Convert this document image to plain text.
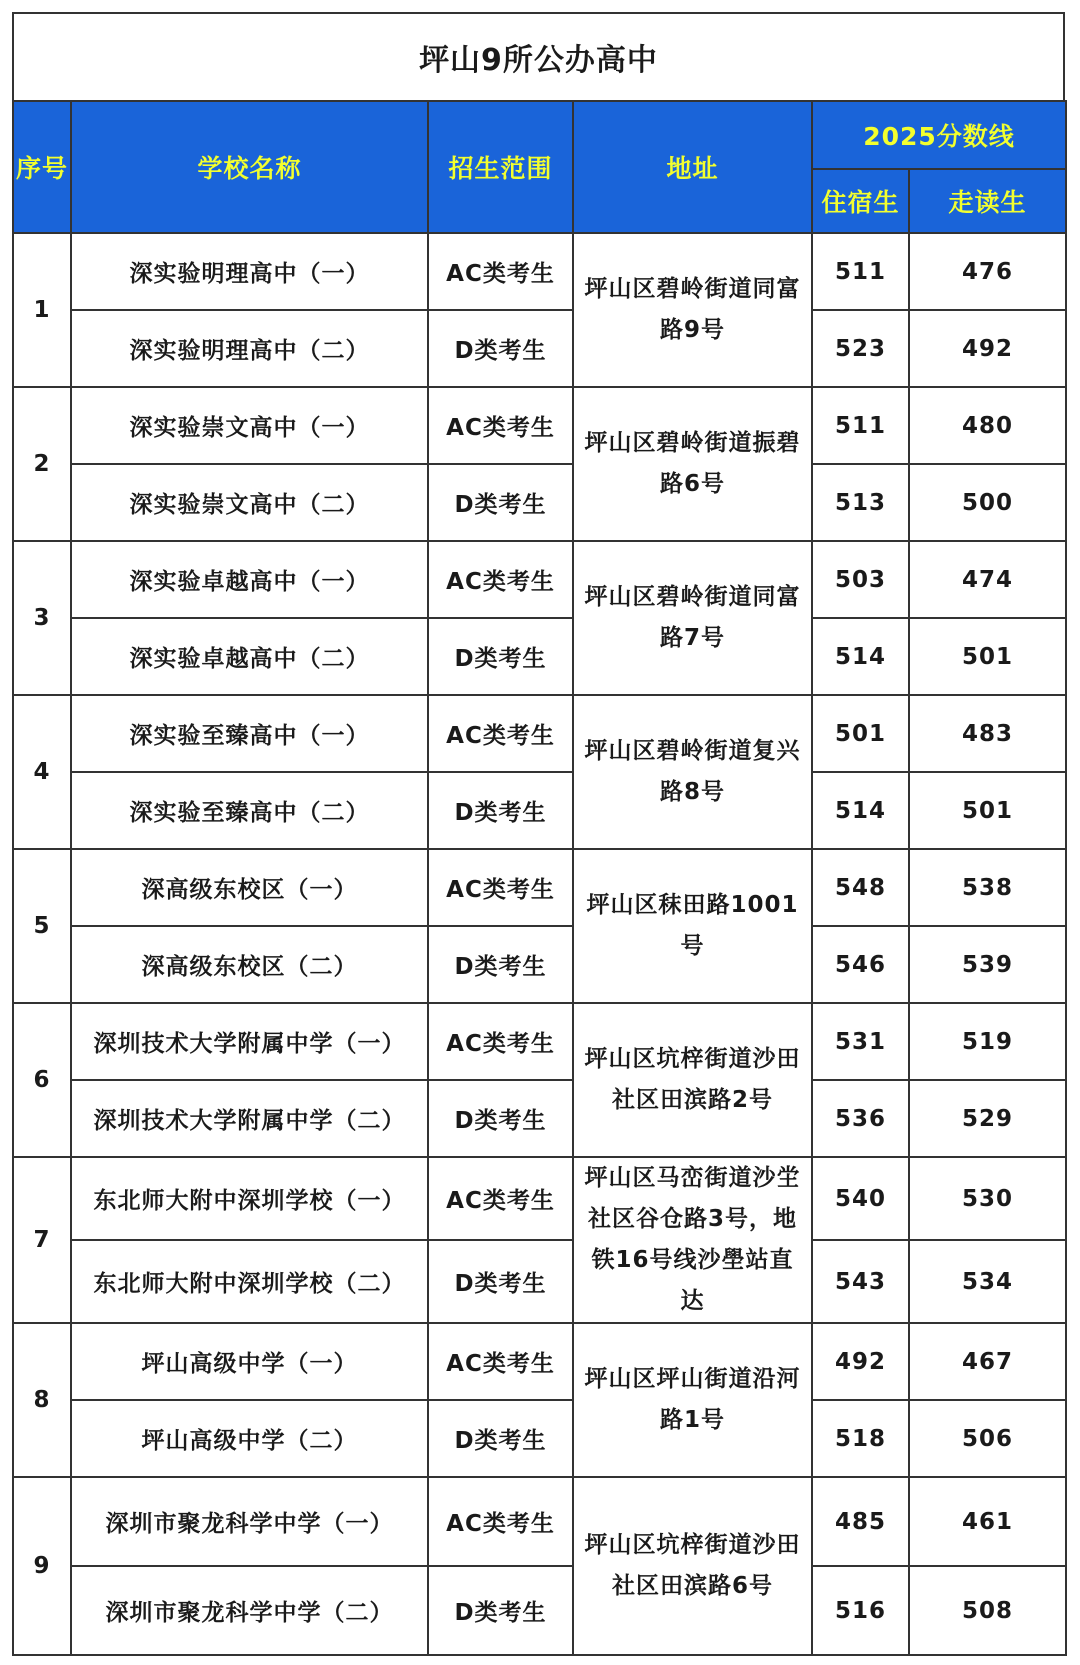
坪山9所公办高中
序号	学校名称	招生范围	地址	2025分数线	
				住宿生	走读生
1	深实验明理高中（一）	AC类考生	坪山区碧岭街道同富路9号	511	476
	深实验明理高中（二）	D类考生		523	492
2	深实验崇文高中（一）	AC类考生	坪山区碧岭街道振碧路6号	511	480
	深实验崇文高中（二）	D类考生		513	500
3	深实验卓越高中（一）	AC类考生	坪山区碧岭街道同富路7号	503	474
	深实验卓越高中（二）	D类考生		514	501
4	深实验至臻高中（一）	AC类考生	坪山区碧岭街道复兴路8号	501	483
	深实验至臻高中（二）	D类考生		514	501
5	深高级东校区（一）	AC类考生	坪山区秣田路1001号	548	538
	深高级东校区（二）	D类考生		546	539
6	深圳技术大学附属中学（一）	AC类考生	坪山区坑梓街道沙田社区田滨路2号	531	519
	深圳技术大学附属中学（二）	D类考生		536	529
7	东北师大附中深圳学校（一）	AC类考生	坪山区马峦街道沙坣社区谷仓路3号，地铁16号线沙壆站直达	540	530
	东北师大附中深圳学校（二）	D类考生		543	534
8	坪山高级中学（一）	AC类考生	坪山区坪山街道沿河路1号	492	467
	坪山高级中学（二）	D类考生		518	506
9	深圳市聚龙科学中学（一）	AC类考生	坪山区坑梓街道沙田社区田滨路6号	485	461
	深圳市聚龙科学中学（二）	D类考生		516	508
